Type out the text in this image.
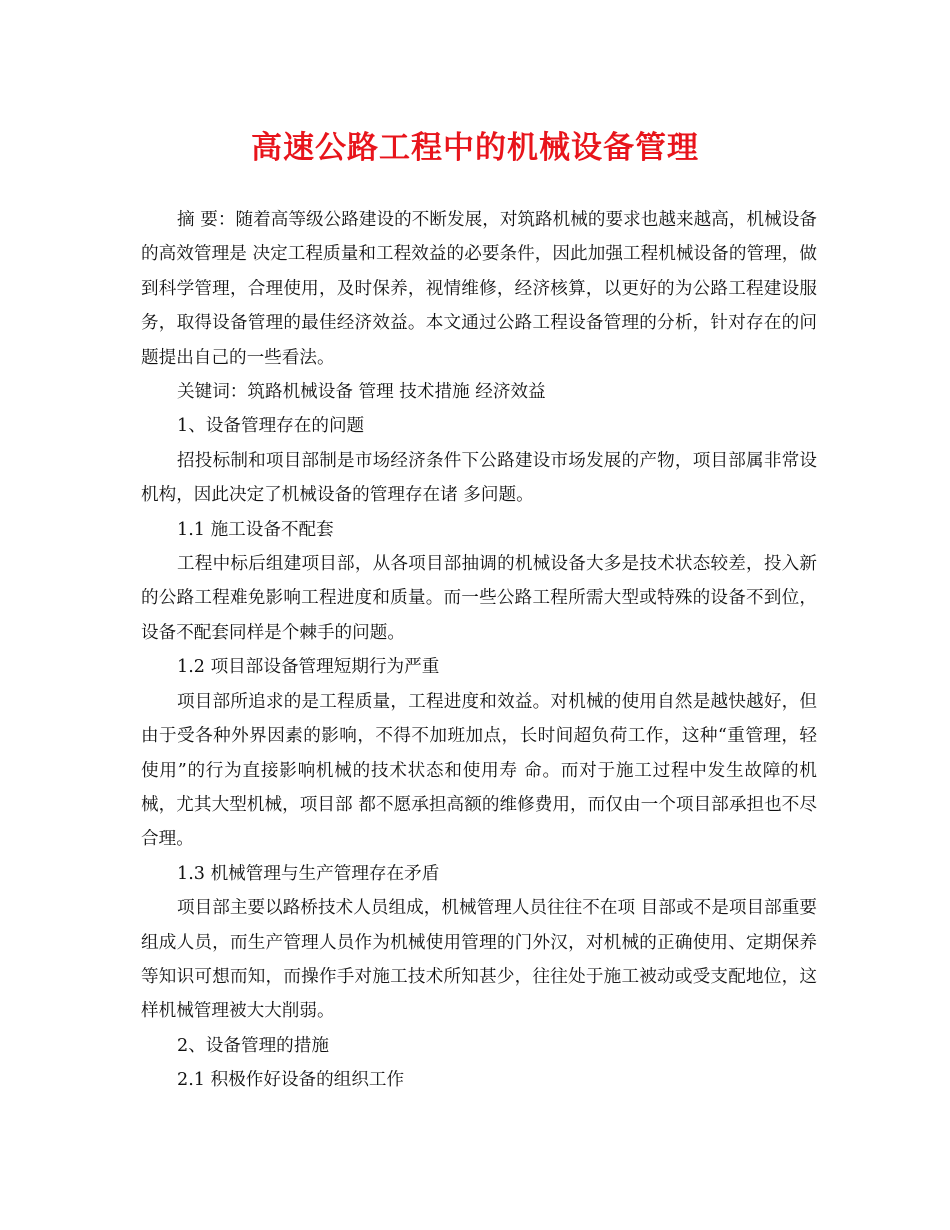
高速公路工程中的机械设备管理

摘 要：随着高等级公路建设的不断发展，对筑路机械的要求也越来越高，机械设备的高效管理是 决定工程质量和工程效益的必要条件，因此加强工程机械设备的管理，做到科学管理，合理使用，及时保养，视情维修，经济核算，以更好的为公路工程建设服务，取得设备管理的最佳经济效益。本文通过公路工程设备管理的分析，针对存在的问题提出自己的一些看法。

关键词：筑路机械设备 管理 技术措施 经济效益

1、设备管理存在的问题

招投标制和项目部制是市场经济条件下公路建设市场发展的产物，项目部属非常设机构，因此决定了机械设备的管理存在诸 多问题。

1.1 施工设备不配套

工程中标后组建项目部，从各项目部抽调的机械设备大多是技术状态较差，投入新的公路工程难免影响工程进度和质量。而一些公路工程所需大型或特殊的设备不到位，设备不配套同样是个棘手的问题。

1.2 项目部设备管理短期行为严重

项目部所追求的是工程质量，工程进度和效益。对机械的使用自然是越快越好，但由于受各种外界因素的影响，不得不加班加点，长时间超负荷工作，这种“重管理，轻使用”的行为直接影响机械的技术状态和使用寿 命。而对于施工过程中发生故障的机械，尤其大型机械，项目部 都不愿承担高额的维修费用，而仅由一个项目部承担也不尽合理。

1.3 机械管理与生产管理存在矛盾

项目部主要以路桥技术人员组成，机械管理人员往往不在项 目部或不是项目部重要组成人员，而生产管理人员作为机械使用管理的门外汉，对机械的正确使用、定期保养等知识可想而知，而操作手对施工技术所知甚少，往往处于施工被动或受支配地位，这样机械管理被大大削弱。

2、设备管理的措施

2.1 积极作好设备的组织工作
